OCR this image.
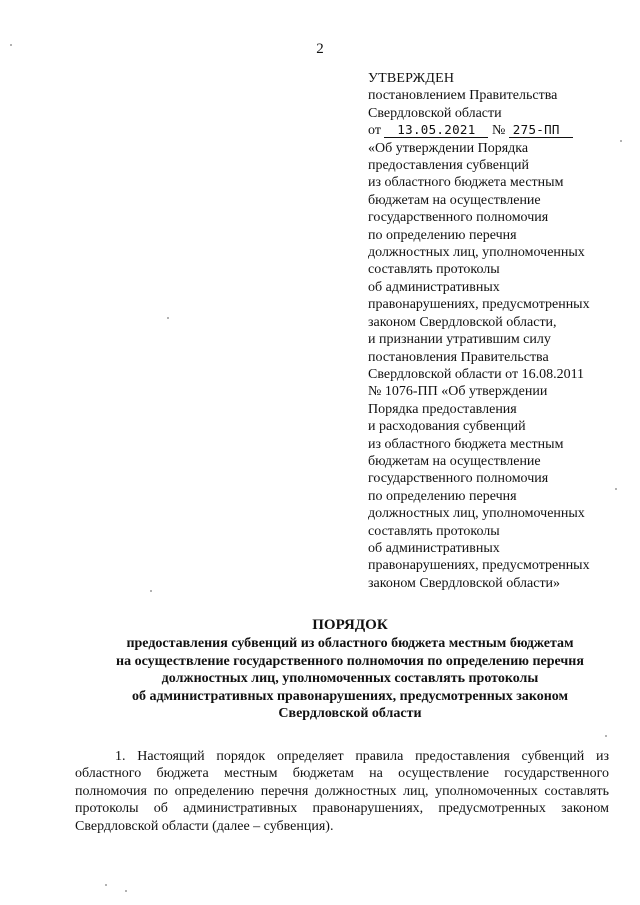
2
УТВЕРЖДЕН
постановлением Правительства
Свердловской области
от 13.05.2021 № 275-ПП
«Об утверждении Порядка
предоставления субвенций
из областного бюджета местным
бюджетам на осуществление
государственного полномочия
по определению перечня
должностных лиц, уполномоченных
составлять протоколы
об административных
правонарушениях, предусмотренных
законом Свердловской области,
и признании утратившим силу
постановления Правительства
Свердловской области от 16.08.2011
№ 1076-ПП «Об утверждении
Порядка предоставления
и расходования субвенций
из областного бюджета местным
бюджетам на осуществление
государственного полномочия
по определению перечня
должностных лиц, уполномоченных
составлять протоколы
об административных
правонарушениях, предусмотренных
законом Свердловской области»
ПОРЯДОК
предоставления субвенций из областного бюджета местным бюджетам
на осуществление государственного полномочия по определению перечня
должностных лиц, уполномоченных составлять протоколы
об административных правонарушениях, предусмотренных законом
Свердловской области

1. Настоящий порядок определяет правила предоставления субвенций из областного бюджета местным бюджетам на осуществление государственного полномочия по определению перечня должностных лиц, уполномоченных составлять протоколы об административных правонарушениях, предусмотренных законом Свердловской области (далее – субвенция).
